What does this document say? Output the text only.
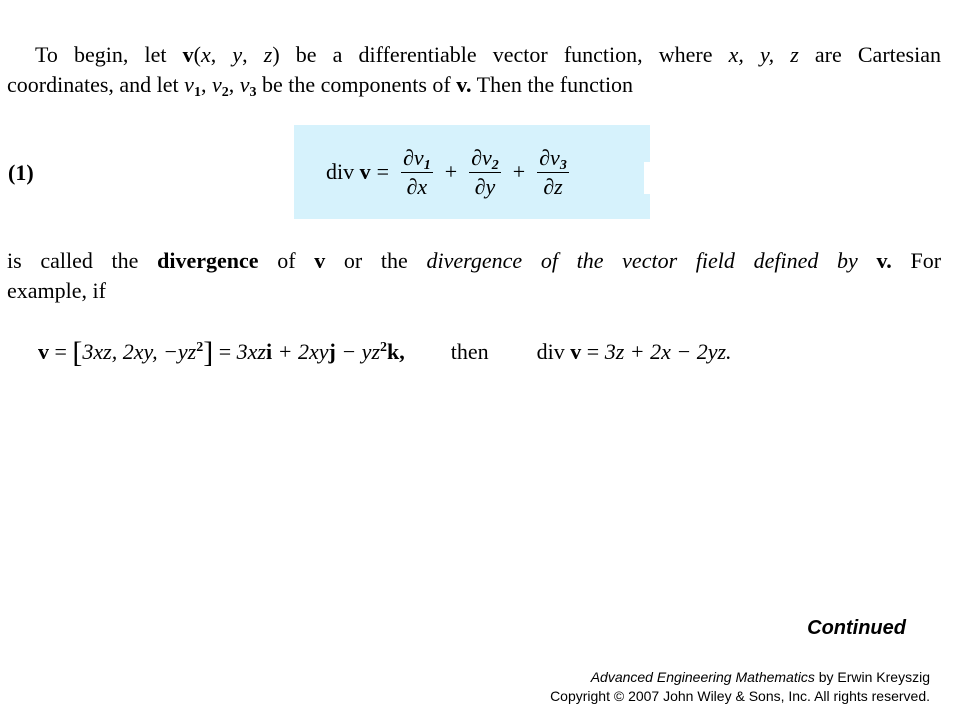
To begin, let v(x, y, z) be a differentiable vector function, where x, y, z are Cartesian
coordinates, and let $v_1$, $v_2$, $v_3$ be the components of v. Then the function
(1)	div
$v = \frac{\partial v_1}{\partial x} + \frac{\partial v_2}{\partial y} + \frac{\partial v_3}{\partial z}$
is called the divergence of v or the divergence of the vector field defined by v. For
example, if
v = [3xz, 2xy, $-yz^2] = 3xzi + 2xyj - yz^2k$, then div v = 3z + 2x − 2yz.
Continued
Advanced Engineering Mathematics by Erwin Kreyszig
Copyright © 2007 John Wiley & Sons, Inc. All rights reserved.
